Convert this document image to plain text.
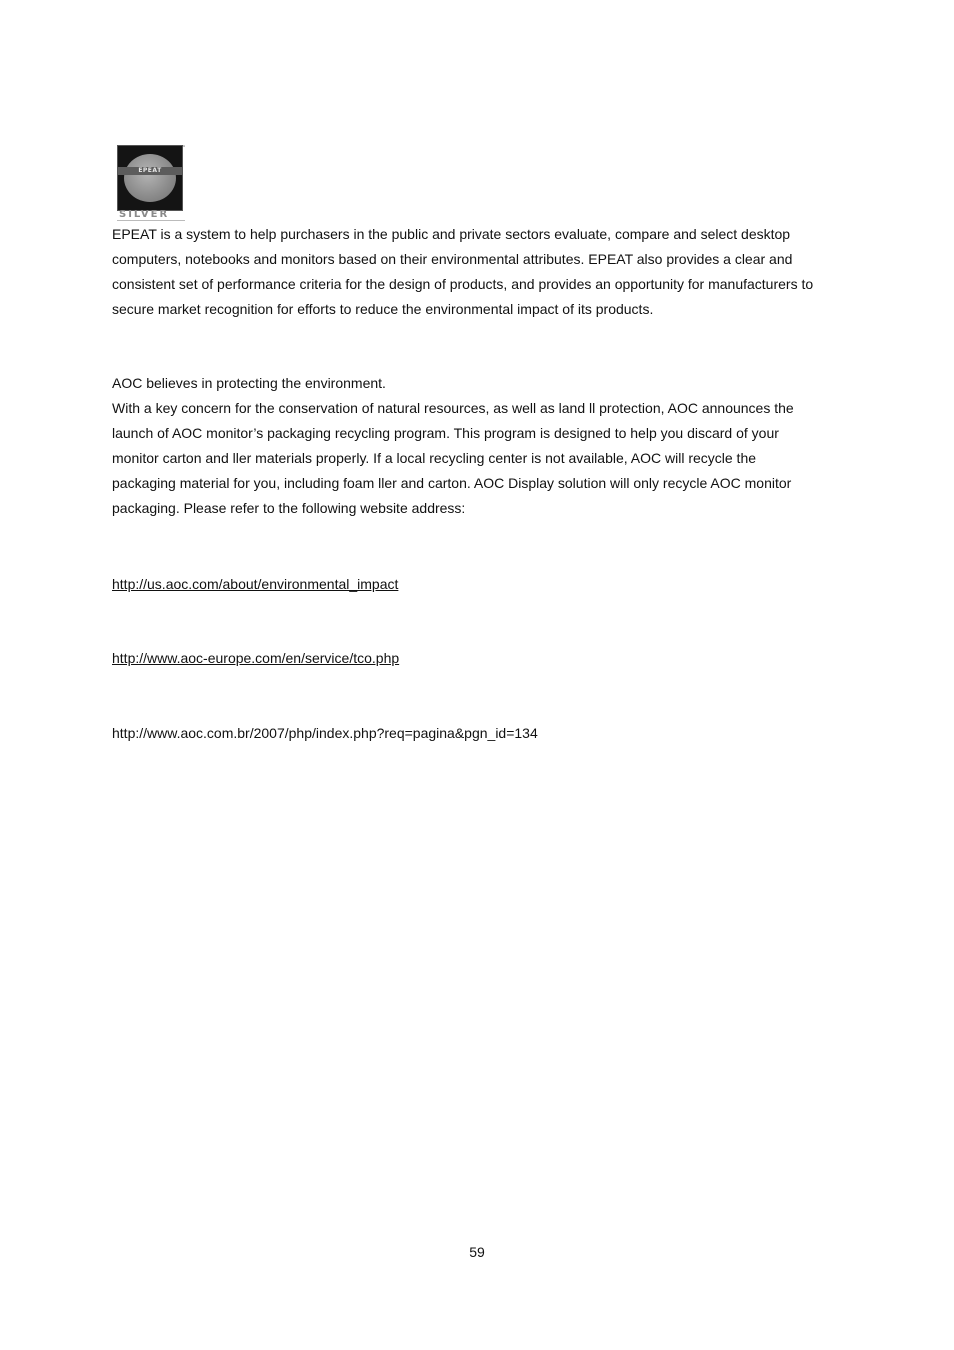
EPEAT
™
SILVER

EPEAT is a system to help purchasers in the public and private sectors evaluate, compare and select desktop
computers, notebooks and monitors based on their environmental attributes. EPEAT also provides a clear and
consistent set of performance criteria for the design of products, and provides an opportunity for manufacturers to
secure market recognition for efforts to reduce the environmental impact of its products.

AOC believes in protecting the environment.
With a key concern for the conservation of natural resources, as well as land ll protection, AOC announces the
launch of AOC monitor’s packaging recycling program. This program is designed to help you discard of your
monitor carton and ller materials properly. If a local recycling center is not available, AOC will recycle the
packaging material for you, including foam ller and carton. AOC Display solution will only recycle AOC monitor
packaging. Please refer to the following website address:

http://us.aoc.com/about/environmental_impact
http://www.aoc-europe.com/en/service/tco.php
http://www.aoc.com.br/2007/php/index.php?req=pagina&pgn_id=134
59
